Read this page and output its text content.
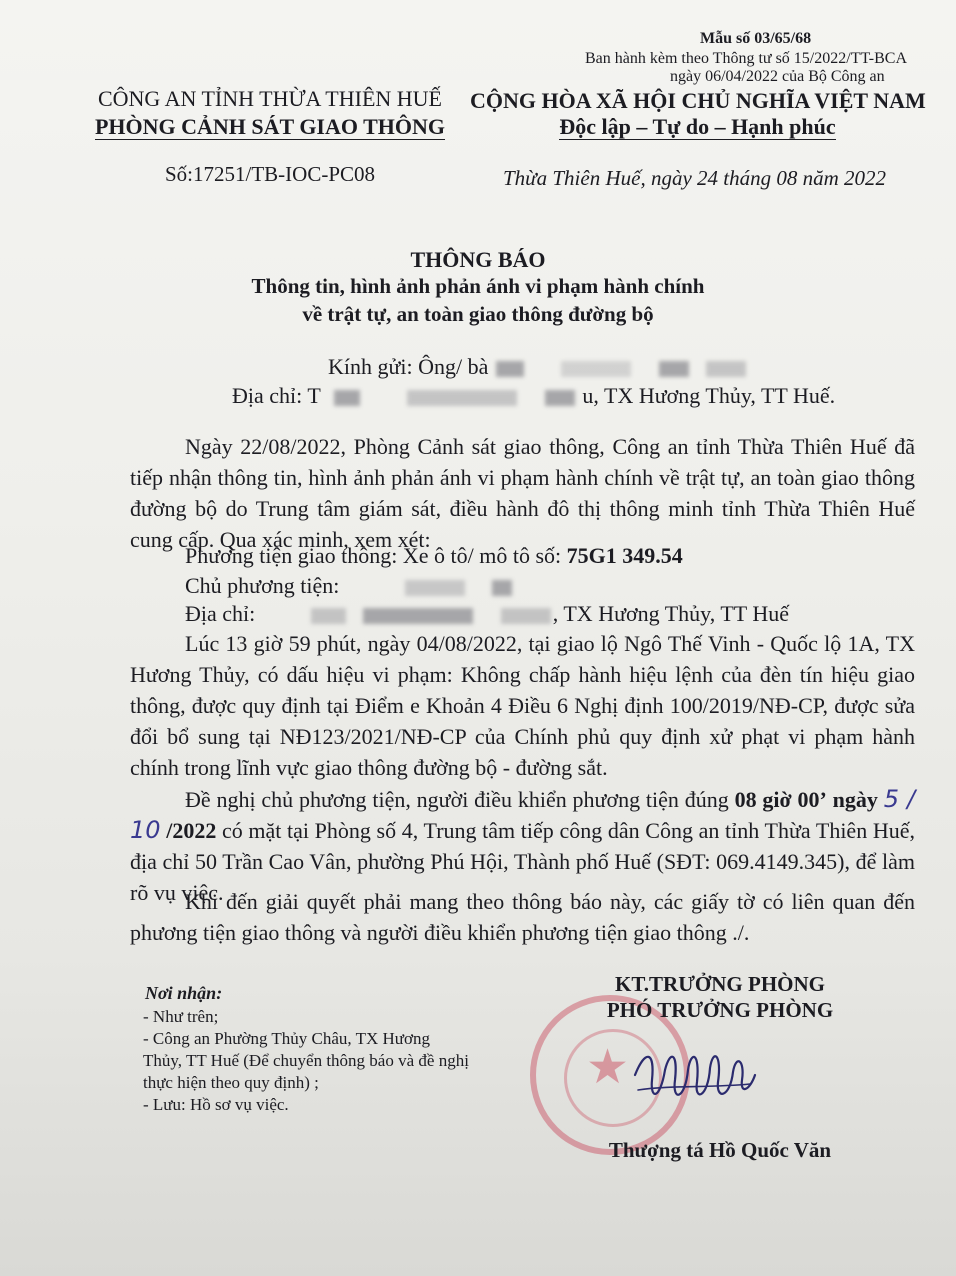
Mẫu số 03/65/68
Ban hành kèm theo Thông tư số 15/2022/TT-BCA
ngày 06/04/2022 của Bộ Công an
CÔNG AN TỈNH THỪA THIÊN HUẾ
PHÒNG CẢNH SÁT GIAO THÔNG
Số:17251/TB-IOC-PC08
CỘNG HÒA XÃ HỘI CHỦ NGHĨA VIỆT NAM
Độc lập – Tự do – Hạnh phúc
Thừa Thiên Huế, ngày 24 tháng 08 năm 2022
THÔNG BÁO
Thông tin, hình ảnh phản ánh vi phạm hành chính
về trật tự, an toàn giao thông đường bộ
Kính gửi: Ông/ bà
Địa chỉ: T	u, TX Hương Thủy, TT Huế.
Ngày 22/08/2022, Phòng Cảnh sát giao thông, Công an tỉnh Thừa Thiên Huế đã tiếp nhận thông tin, hình ảnh phản ánh vi phạm hành chính về trật tự, an toàn giao thông đường bộ do Trung tâm giám sát, điều hành đô thị thông minh tỉnh Thừa Thiên Huế cung cấp. Qua xác minh, xem xét:
Phương tiện giao thông: Xe ô tô/ mô tô số: 75G1 349.54
Chủ phương tiện:
Địa chỉ:	, TX Hương Thủy, TT Huế
Lúc 13 giờ 59 phút, ngày 04/08/2022, tại giao lộ Ngô Thế Vinh - Quốc lộ 1A, TX Hương Thủy, có dấu hiệu vi phạm: Không chấp hành hiệu lệnh của đèn tín hiệu giao thông, được quy định tại Điểm e Khoản 4 Điều 6 Nghị định 100/2019/NĐ-CP, được sửa đổi bổ sung tại NĐ123/2021/NĐ-CP của Chính phủ quy định xử phạt vi phạm hành chính trong lĩnh vực giao thông đường bộ - đường sắt.
Đề nghị chủ phương tiện, người điều khiển phương tiện đúng 08 giờ 00’ ngày 5 / 10 /2022 có mặt tại Phòng số 4, Trung tâm tiếp công dân Công an tỉnh Thừa Thiên Huế, địa chỉ 50 Trần Cao Vân, phường Phú Hội, Thành phố Huế (SĐT: 069.4149.345), để làm rõ vụ việc.
Khi đến giải quyết phải mang theo thông báo này, các giấy tờ có liên quan đến phương tiện giao thông và người điều khiển phương tiện giao thông ./.
Nơi nhận:
- Như trên;
- Công an Phường Thủy Châu, TX Hương
Thủy, TT Huế (Để chuyển thông báo và đề nghị
thực hiện theo quy định) ;
- Lưu: Hồ sơ vụ việc.
★
KT.TRƯỞNG PHÒNG
PHÓ TRƯỞNG PHÒNG
Thượng tá Hồ Quốc Văn
